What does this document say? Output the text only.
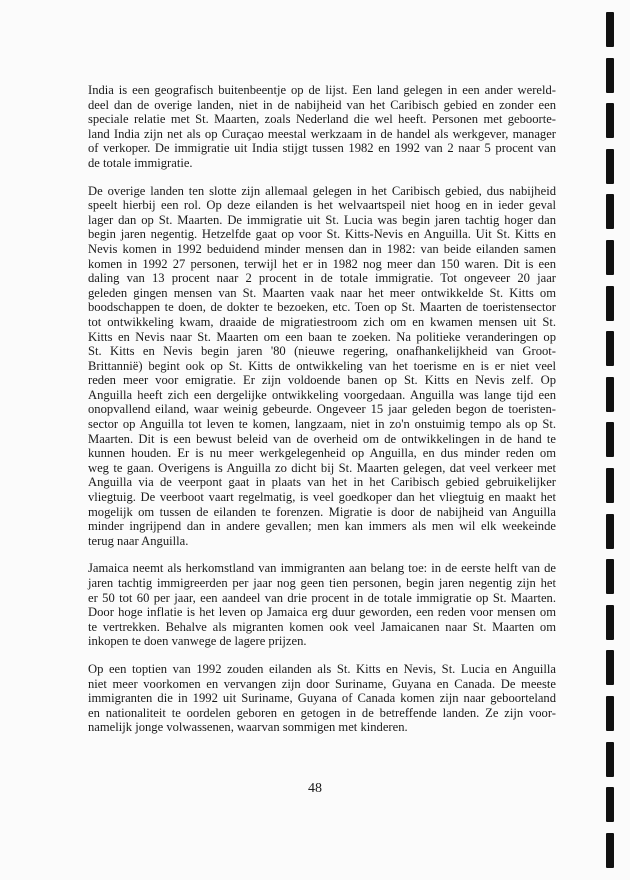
India is een geografisch buitenbeentje op de lijst. Een land gelegen in een ander wereld-
deel dan de overige landen, niet in de nabijheid van het Caribisch gebied en zonder een
speciale relatie met St. Maarten, zoals Nederland die wel heeft. Personen met geboorte-
land India zijn net als op Curaçao meestal werkzaam in de handel als werkgever, manager
of verkoper. De immigratie uit India stijgt tussen 1982 en 1992 van 2 naar 5 procent van
de totale immigratie.
De overige landen ten slotte zijn allemaal gelegen in het Caribisch gebied, dus nabijheid
speelt hierbij een rol. Op deze eilanden is het welvaartspeil niet hoog en in ieder geval
lager dan op St. Maarten. De immigratie uit St. Lucia was begin jaren tachtig hoger dan
begin jaren negentig. Hetzelfde gaat op voor St. Kitts-Nevis en Anguilla. Uit St. Kitts en
Nevis komen in 1992 beduidend minder mensen dan in 1982: van beide eilanden samen
komen in 1992 27 personen, terwijl het er in 1982 nog meer dan 150 waren. Dit is een
daling van 13 procent naar 2 procent in de totale immigratie. Tot ongeveer 20 jaar
geleden gingen mensen van St. Maarten vaak naar het meer ontwikkelde St. Kitts om
boodschappen te doen, de dokter te bezoeken, etc. Toen op St. Maarten de toeristensector
tot ontwikkeling kwam, draaide de migratiestroom zich om en kwamen mensen uit St.
Kitts en Nevis naar St. Maarten om een baan te zoeken. Na politieke veranderingen op
St. Kitts en Nevis begin jaren '80 (nieuwe regering, onafhankelijkheid van Groot-
Brittannië) begint ook op St. Kitts de ontwikkeling van het toerisme en is er niet veel
reden meer voor emigratie. Er zijn voldoende banen op St. Kitts en Nevis zelf. Op
Anguilla heeft zich een dergelijke ontwikkeling voorgedaan. Anguilla was lange tijd een
onopvallend eiland, waar weinig gebeurde. Ongeveer 15 jaar geleden begon de toeristen-
sector op Anguilla tot leven te komen, langzaam, niet in zo'n onstuimig tempo als op St.
Maarten. Dit is een bewust beleid van de overheid om de ontwikkelingen in de hand te
kunnen houden. Er is nu meer werkgelegenheid op Anguilla, en dus minder reden om
weg te gaan. Overigens is Anguilla zo dicht bij St. Maarten gelegen, dat veel verkeer met
Anguilla via de veerpont gaat in plaats van het in het Caribisch gebied gebruikelijker
vliegtuig. De veerboot vaart regelmatig, is veel goedkoper dan het vliegtuig en maakt het
mogelijk om tussen de eilanden te forenzen. Migratie is door de nabijheid van Anguilla
minder ingrijpend dan in andere gevallen; men kan immers als men wil elk weekeinde
terug naar Anguilla.
Jamaica neemt als herkomstland van immigranten aan belang toe: in de eerste helft van de
jaren tachtig immigreerden per jaar nog geen tien personen, begin jaren negentig zijn het
er 50 tot 60 per jaar, een aandeel van drie procent in de totale immigratie op St. Maarten.
Door hoge inflatie is het leven op Jamaica erg duur geworden, een reden voor mensen om
te vertrekken. Behalve als migranten komen ook veel Jamaicanen naar St. Maarten om
inkopen te doen vanwege de lagere prijzen.
Op een toptien van 1992 zouden eilanden als St. Kitts en Nevis, St. Lucia en Anguilla
niet meer voorkomen en vervangen zijn door Suriname, Guyana en Canada. De meeste
immigranten die in 1992 uit Suriname, Guyana of Canada komen zijn naar geboorteland
en nationaliteit te oordelen geboren en getogen in de betreffende landen. Ze zijn voor-
namelijk jonge volwassenen, waarvan sommigen met kinderen.
48
